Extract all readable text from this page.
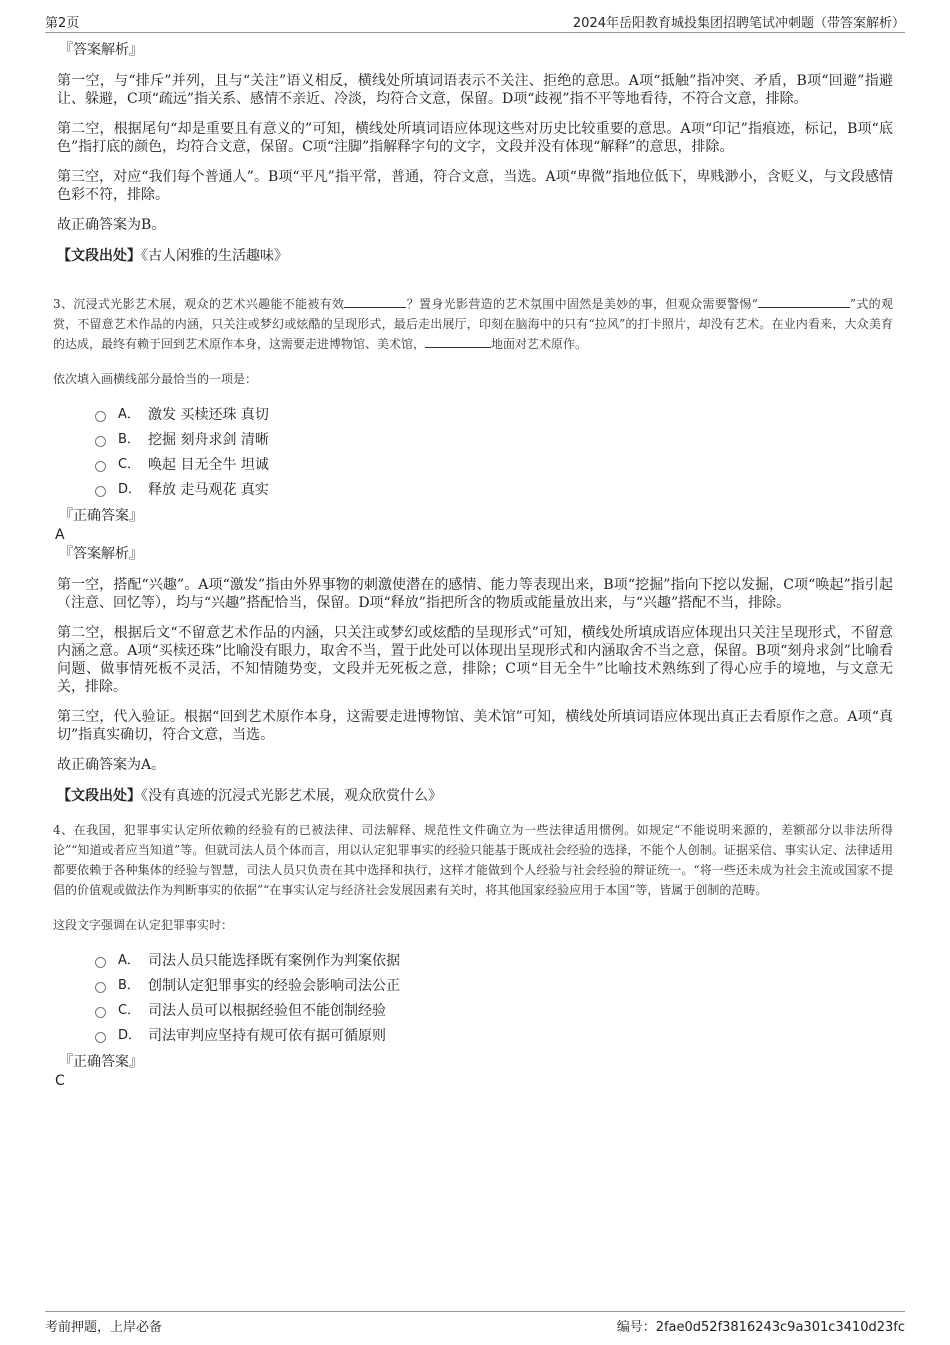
第2页	2024年岳阳教育城投集团招聘笔试冲刺题（带答案解析）
『答案解析』

第一空，与“排斥”并列，且与“关注”语义相反，横线处所填词语表示不关注、拒绝的意思。A项“抵触”指冲突、矛盾，B项“回避”指避让、躲避，C项“疏远”指关系、感情不亲近、冷淡，均符合文意，保留。D项“歧视”指不平等地看待，不符合文意，排除。

第二空，根据尾句“却是重要且有意义的”可知，横线处所填词语应体现这些对历史比较重要的意思。A项“印记”指痕迹，标记，B项“底色”指打底的颜色，均符合文意，保留。C项“注脚”指解释字句的文字，文段并没有体现“解释”的意思，排除。

第三空，对应“我们每个普通人”。B项“平凡”指平常，普通，符合文意，当选。A项“卑微”指地位低下，卑贱渺小，含贬义，与文段感情色彩不符，排除。

故正确答案为B。

【文段出处】《古人闲雅的生活趣味》
3、沉浸式光影艺术展，观众的艺术兴趣能不能被有效	？置身光影营造的艺术氛围中固然是美妙的事，但观众需要警惕“	”式的观赏，不留意艺术作品的内涵，只关注或梦幻或炫酷的呈现形式，最后走出展厅，印刻在脑海中的只有“拉风”的打卡照片，却没有艺术。在业内看来，大众美育的达成，最终有赖于回到艺术原作本身，这需要走进博物馆、美术馆，	地面对艺术原作。
依次填入画横线部分最恰当的一项是：
A． 激发 买椟还珠 真切
B． 挖掘 刻舟求剑 清晰
C． 唤起 目无全牛 坦诚
D． 释放 走马观花 真实
『正确答案』
A
『答案解析』

第一空，搭配“兴趣”。A项“激发”指由外界事物的刺激使潜在的感情、能力等表现出来，B项“挖掘”指向下挖以发掘，C项“唤起”指引起（注意、回忆等），均与“兴趣”搭配恰当，保留。D项“释放”指把所含的物质或能量放出来，与“兴趣”搭配不当，排除。

第二空，根据后文“不留意艺术作品的内涵，只关注或梦幻或炫酷的呈现形式”可知，横线处所填成语应体现出只关注呈现形式，不留意内涵之意。A项“买椟还珠”比喻没有眼力，取舍不当，置于此处可以体现出呈现形式和内涵取舍不当之意，保留。B项“刻舟求剑”比喻看问题、做事情死板不灵活，不知情随势变，文段并无死板之意，排除；C项“目无全牛”比喻技术熟练到了得心应手的境地，与文意无关，排除。

第三空，代入验证。根据“回到艺术原作本身，这需要走进博物馆、美术馆”可知，横线处所填词语应体现出真正去看原作之意。A项“真切”指真实确切，符合文意，当选。

故正确答案为A。

【文段出处】《没有真迹的沉浸式光影艺术展，观众欣赏什么》
4、在我国，犯罪事实认定所依赖的经验有的已被法律、司法解释、规范性文件确立为一些法律适用惯例。如规定“不能说明来源的，差额部分以非法所得论”“知道或者应当知道”等。但就司法人员个体而言，用以认定犯罪事实的经验只能基于既成社会经验的选择，不能个人创制。证据采信、事实认定、法律适用都要依赖于各种集体的经验与智慧，司法人员只负责在其中选择和执行，这样才能做到个人经验与社会经验的辩证统一。“将一些还未成为社会主流或国家不提倡的价值观或做法作为判断事实的依据”“在事实认定与经济社会发展因素有关时，将其他国家经验应用于本国”等，皆属于创制的范畴。
这段文字强调在认定犯罪事实时：
A． 司法人员只能选择既有案例作为判案依据
B． 创制认定犯罪事实的经验会影响司法公正
C． 司法人员可以根据经验但不能创制经验
D． 司法审判应坚持有规可依有据可循原则
『正确答案』
C
考前押题，上岸必备	编号：2fae0d52f3816243c9a301c3410d23fc
